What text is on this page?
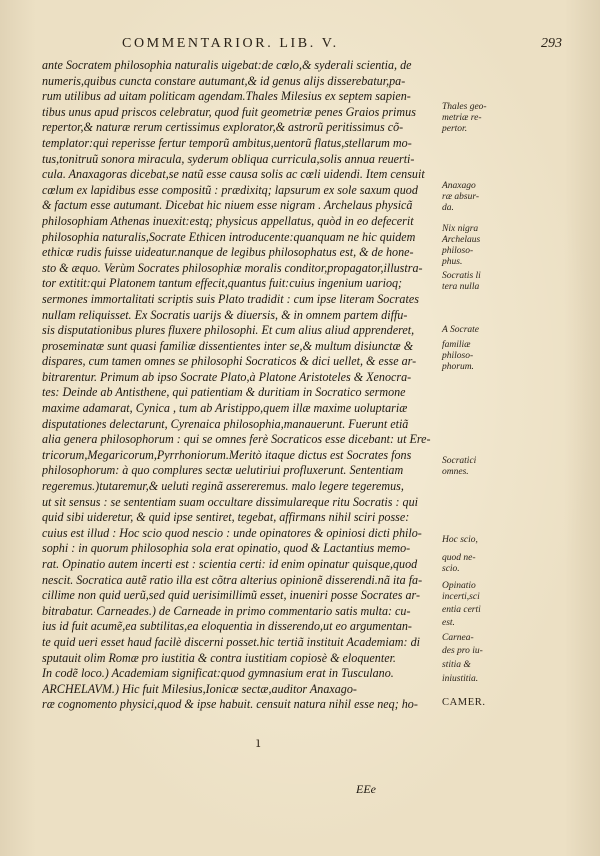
COMMENTARIOR. LIB. V.	293
ante Socratem philosophia naturalis uigebat:de cœlo,& syderali scientia, de
numeris,quibus cuncta constare autumant,& id genus alijs disserebatur,pa-
rum utilibus ad uitam politicam agendam.Thales Milesius ex septem sapien-
tibus unus apud priscos celebratur, quod fuit geometriæ penes Graios primus
repertor,& naturæ rerum certissimus explorator,& astrorũ peritissimus cõ-
templator:qui reperisse fertur temporũ ambitus,uentorũ flatus,stellarum mo-
tus,tonitruũ sonora miracula, syderum obliqua curricula,solis annua reuerti-
cula. Anaxagoras dicebat,se natũ esse causa solis ac cœli uidendi. Item censuit
cœlum ex lapidibus esse compositũ : prædixitq; lapsurum ex sole saxum quod
& factum esse autumant. Dicebat hic niuem esse nigram . Archelaus physicã
philosophiam Athenas inuexit:estq; physicus appellatus, quòd in eo defecerit
philosophia naturalis,Socrate Ethicen introducente:quanquam ne hic quidem
ethicæ rudis fuisse uideatur.nanque de legibus philosophatus est, & de hone-
sto & æquo. Verùm Socrates philosophiæ moralis conditor,propagator,illustra-
tor extitit:qui Platonem tantum effecit,quantus fuit:cuius ingenium uarioq;
sermones immortalitati scriptis suis Plato tradidit : cum ipse literam Socrates
nullam reliquisset. Ex Socratis uarijs & diuersis, & in omnem partem diffu-
sis disputationibus plures fluxere philosophi. Et cum alius aliud apprenderet,
proseminatæ sunt quasi familiæ dissentientes inter se,& multum disiunctæ &
dispares, cum tamen omnes se philosophi Socraticos & dici uellet, & esse ar-
bitrarentur. Primum ab ipso Socrate Plato,à Platone Aristoteles & Xenocra-
tes: Deinde ab Antisthene, qui patientiam & duritiam in Socratico sermone
maxime adamarat, Cynica , tum ab Aristippo,quem illæ maxime uoluptariæ
disputationes delectarunt, Cyrenaica philosophia,manauerunt. Fuerunt etiã
alia genera philosophorum : qui se omnes ferè Socraticos esse dicebant: ut Ere-
tricorum,Megaricorum,Pyrrhoniorum.Meritò itaque dictus est Socrates fons
philosophorum: à quo complures sectæ uelutiriui profluxerunt. Sententiam
regeremus.)tutaremur,& ueluti reginã assereremus. malo legere tegeremus,
ut sit sensus : se sententiam suam occultare dissimulareque ritu Socratis : qui
quid sibi uideretur, & quid ipse sentiret, tegebat, affirmans nihil sciri posse:
cuius est illud : Hoc scio quod nescio : unde opinatores & opiniosi dicti philo-
sophi : in quorum philosophia sola erat opinatio, quod & Lactantius memo-
rat. Opinatio autem incerti est : scientia certi: id enim opinatur quisque,quod
nescit. Socratica autẽ ratio illa est cõtra alterius opinionẽ disserendi.nã ita fa-
cillime non quid uerũ,sed quid uerisimillimũ esset, inueniri posse Socrates ar-
bitrabatur. Carneades.) de Carneade in primo commentario satis multa: cu-
ius id fuit acumẽ,ea subtilitas,ea eloquentia in disserendo,ut eo argumentan-
te quid ueri esset haud facilè discerni posset.hic tertiã instituit Academiam: di
sputauit olim Romæ pro iustitia & contra iustitiam copiosè & eloquenter.
In codẽ loco.) Academiam significat:quod gymnasium erat in Tusculano.
ARCHELAVM.) Hic fuit Milesius,Ionicæ sectæ,auditor Anaxago-
ræ cognomento physici,quod & ipse habuit. censuit natura nihil esse neq; ho-
Thales geo-
metriæ re-
pertor.
Anaxago
ræ absur-
da.
Nix nigra
Archelaus
philoso-
phus.
Socratis li
tera nulla
A Socrate
familiæ
philoso-
phorum.
Socratici
omnes.
Hoc scio,
quod ne-
scio.
Opinatio
incerti,sci
entia certi
est.
Carnea-
des pro iu-
stitia &
iniustitia.
CAMER.
EEe
ı
